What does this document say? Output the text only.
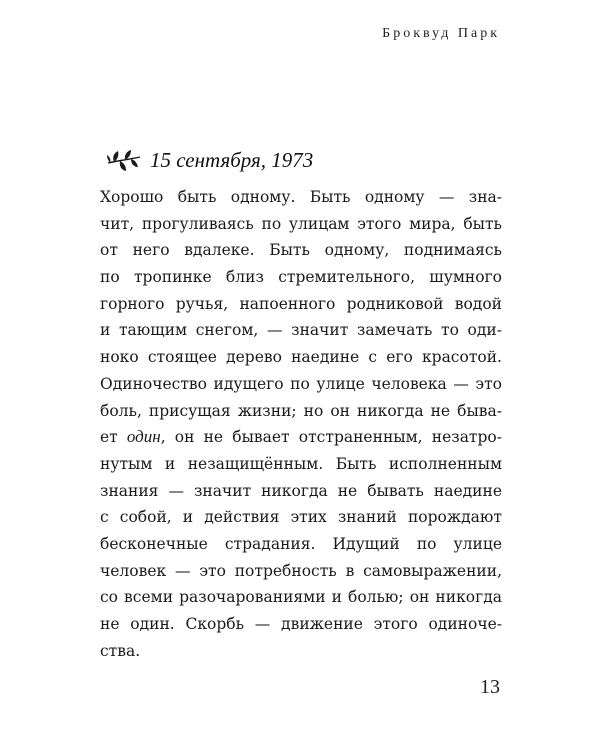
Броквуд Парк
15 сентября, 1973
Хорошо быть одному. Быть одному — зна-
чит, прогуливаясь по улицам этого мира, быть
от него вдалеке. Быть одному, поднимаясь
по тропинке близ стремительного, шумного
горного ручья, напоенного родниковой водой
и тающим снегом, — значит замечать то оди-
ноко стоящее дерево наедине с его красотой.
Одиночество идущего по улице человека — это
боль, присущая жизни; но он никогда не быва-
ет один, он не бывает отстраненным, незатро-
нутым и незащищённым. Быть исполненным
знания — значит никогда не бывать наедине
с собой, и действия этих знаний порождают
бесконечные страдания. Идущий по улице
человек — это потребность в самовыражении,
со всеми разочарованиями и болью; он никогда
не один. Скорбь — движение этого одиноче-
ства.
13
